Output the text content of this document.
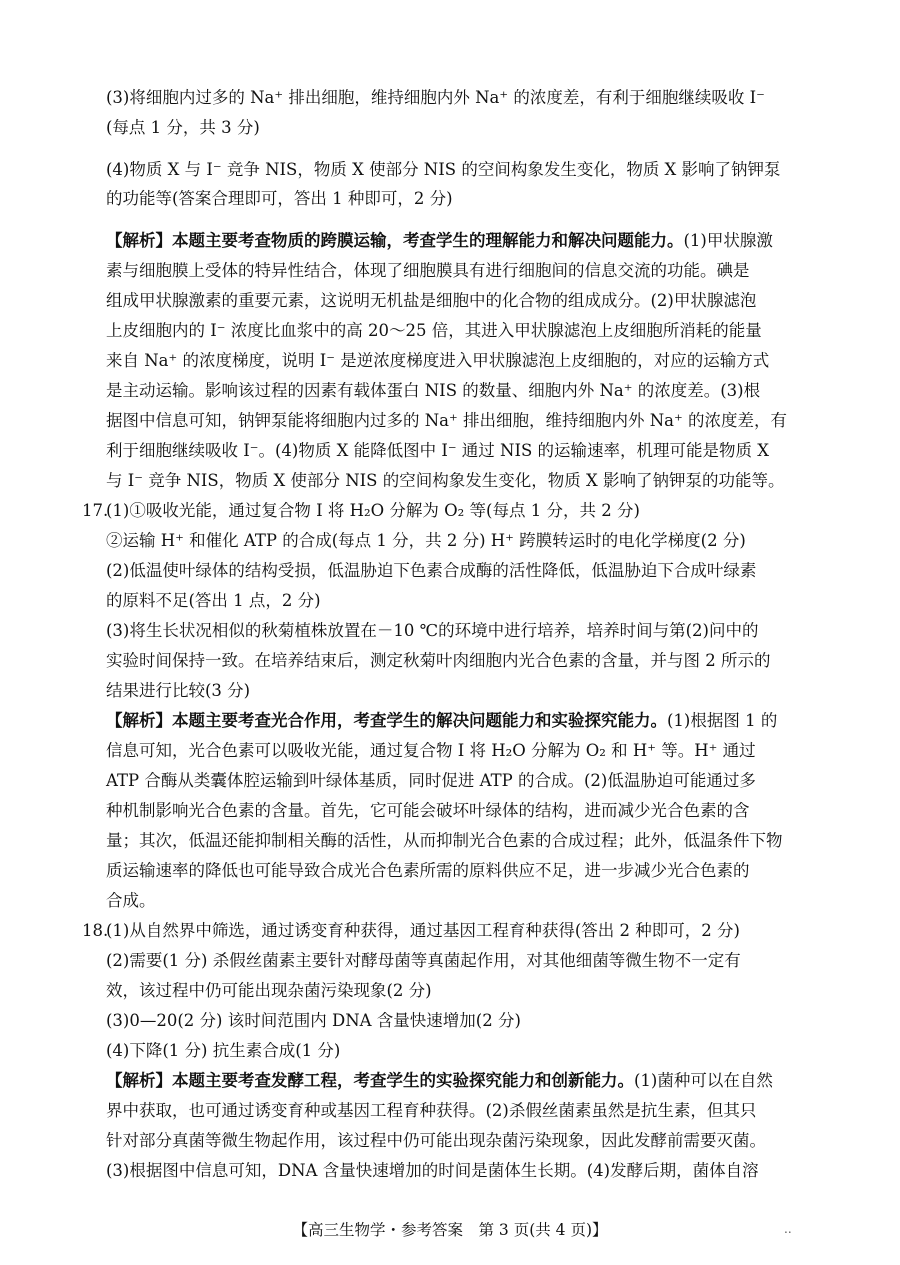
(3)将细胞内过多的 Na⁺ 排出细胞，维持细胞内外 Na⁺ 的浓度差，有利于细胞继续吸收 I⁻
(每点 1 分，共 3 分)
(4)物质 X 与 I⁻ 竞争 NIS，物质 X 使部分 NIS 的空间构象发生变化，物质 X 影响了钠钾泵
的功能等(答案合理即可，答出 1 种即可，2 分)
【解析】本题主要考查物质的跨膜运输，考查学生的理解能力和解决问题能力。(1)甲状腺激
素与细胞膜上受体的特异性结合，体现了细胞膜具有进行细胞间的信息交流的功能。碘是
组成甲状腺激素的重要元素，这说明无机盐是细胞中的化合物的组成成分。(2)甲状腺滤泡
上皮细胞内的 I⁻ 浓度比血浆中的高 20～25 倍，其进入甲状腺滤泡上皮细胞所消耗的能量
来自 Na⁺ 的浓度梯度，说明 I⁻ 是逆浓度梯度进入甲状腺滤泡上皮细胞的，对应的运输方式
是主动运输。影响该过程的因素有载体蛋白 NIS 的数量、细胞内外 Na⁺ 的浓度差。(3)根
据图中信息可知，钠钾泵能将细胞内过多的 Na⁺ 排出细胞，维持细胞内外 Na⁺ 的浓度差，有
利于细胞继续吸收 I⁻。(4)物质 X 能降低图中 I⁻ 通过 NIS 的运输速率，机理可能是物质 X
与 I⁻ 竞争 NIS，物质 X 使部分 NIS 的空间构象发生变化，物质 X 影响了钠钾泵的功能等。
17.
(1)①吸收光能，通过复合物 Ⅰ 将 H₂O 分解为 O₂ 等(每点 1 分，共 2 分)
②运输 H⁺ 和催化 ATP 的合成(每点 1 分，共 2 分) H⁺ 跨膜转运时的电化学梯度(2 分)
(2)低温使叶绿体的结构受损，低温胁迫下色素合成酶的活性降低，低温胁迫下合成叶绿素
的原料不足(答出 1 点，2 分)
(3)将生长状况相似的秋菊植株放置在－10 ℃的环境中进行培养，培养时间与第(2)问中的
实验时间保持一致。在培养结束后，测定秋菊叶肉细胞内光合色素的含量，并与图 2 所示的
结果进行比较(3 分)
【解析】本题主要考查光合作用，考查学生的解决问题能力和实验探究能力。(1)根据图 1 的
信息可知，光合色素可以吸收光能，通过复合物 Ⅰ 将 H₂O 分解为 O₂ 和 H⁺ 等。H⁺ 通过
ATP 合酶从类囊体腔运输到叶绿体基质，同时促进 ATP 的合成。(2)低温胁迫可能通过多
种机制影响光合色素的含量。首先，它可能会破坏叶绿体的结构，进而减少光合色素的含
量；其次，低温还能抑制相关酶的活性，从而抑制光合色素的合成过程；此外，低温条件下物
质运输速率的降低也可能导致合成光合色素所需的原料供应不足，进一步减少光合色素的
合成。
18.
(1)从自然界中筛选，通过诱变育种获得，通过基因工程育种获得(答出 2 种即可，2 分)
(2)需要(1 分) 杀假丝菌素主要针对酵母菌等真菌起作用，对其他细菌等微生物不一定有
效，该过程中仍可能出现杂菌污染现象(2 分)
(3)0—20(2 分) 该时间范围内 DNA 含量快速增加(2 分)
(4)下降(1 分) 抗生素合成(1 分)
【解析】本题主要考查发酵工程，考查学生的实验探究能力和创新能力。(1)菌种可以在自然
界中获取，也可通过诱变育种或基因工程育种获得。(2)杀假丝菌素虽然是抗生素，但其只
针对部分真菌等微生物起作用，该过程中仍可能出现杂菌污染现象，因此发酵前需要灭菌。
(3)根据图中信息可知，DNA 含量快速增加的时间是菌体生长期。(4)发酵后期，菌体自溶
【高三生物学・参考答案　第 3 页(共 4 页)】	..
